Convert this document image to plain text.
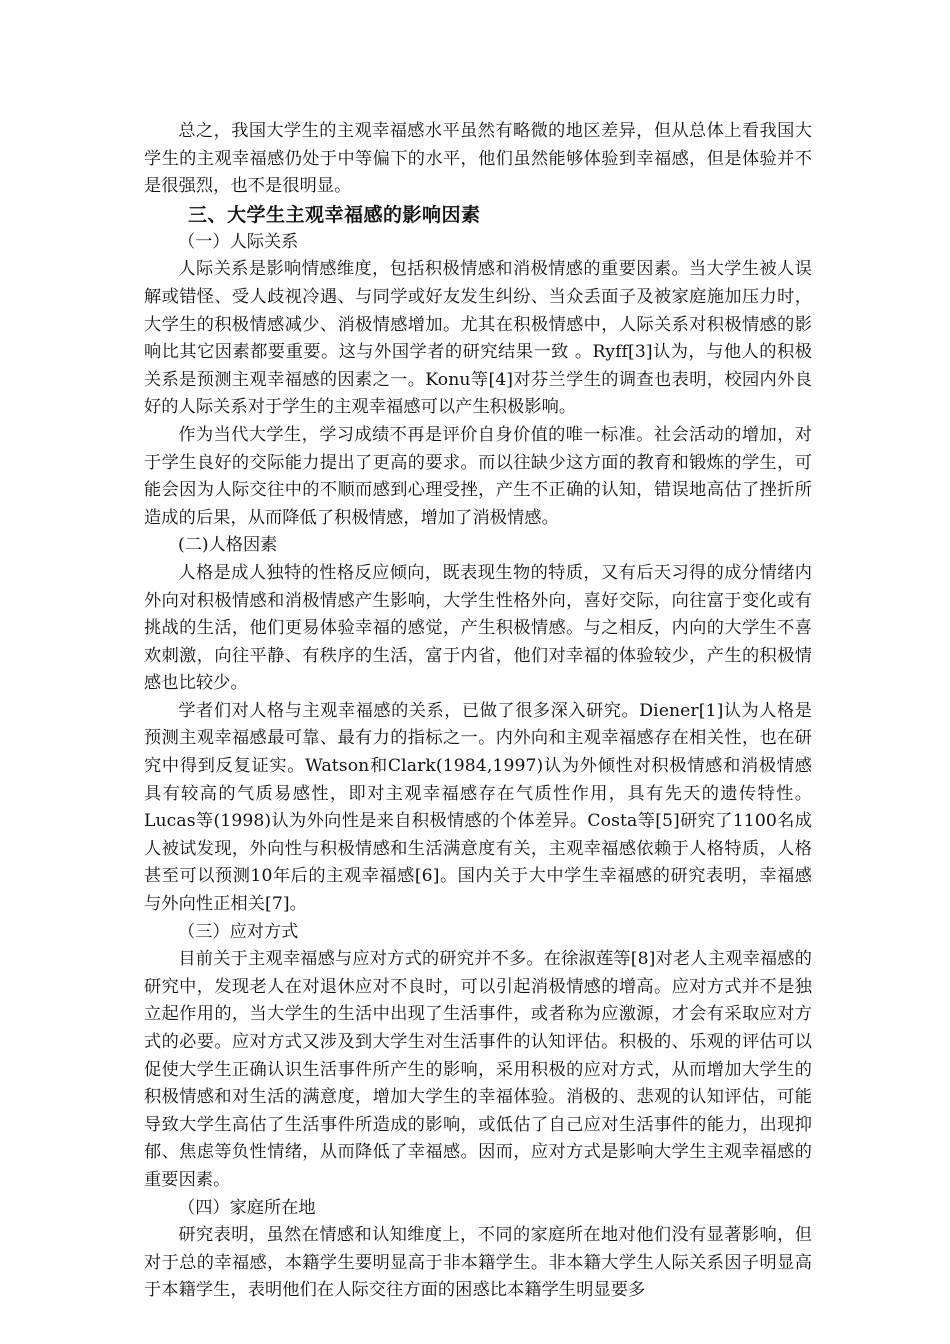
总之，我国大学生的主观幸福感水平虽然有略微的地区差异，但从总体上看我国大学生的主观幸福感仍处于中等偏下的水平，他们虽然能够体验到幸福感，但是体验并不是很强烈，也不是很明显。

三、大学生主观幸福感的影响因素

（一）人际关系

人际关系是影响情感维度，包括积极情感和消极情感的重要因素。当大学生被人误解或错怪、受人歧视冷遇、与同学或好友发生纠纷、当众丢面子及被家庭施加压力时，大学生的积极情感减少、消极情感增加。尤其在积极情感中，人际关系对积极情感的影响比其它因素都要重要。这与外国学者的研究结果一致 。Ryff[3]认为，与他人的积极关系是预测主观幸福感的因素之一。Konu等[4]对芬兰学生的调查也表明，校园内外良好的人际关系对于学生的主观幸福感可以产生积极影响。

作为当代大学生，学习成绩不再是评价自身价值的唯一标准。社会活动的增加，对于学生良好的交际能力提出了更高的要求。而以往缺少这方面的教育和锻炼的学生，可能会因为人际交往中的不顺而感到心理受挫，产生不正确的认知，错误地高估了挫折所造成的后果，从而降低了积极情感，增加了消极情感。

(二)人格因素

人格是成人独特的性格反应倾向，既表现生物的特质，又有后天习得的成分情绪内外向对积极情感和消极情感产生影响，大学生性格外向，喜好交际，向往富于变化或有挑战的生活，他们更易体验幸福的感觉，产生积极情感。与之相反，内向的大学生不喜欢刺激，向往平静、有秩序的生活，富于内省，他们对幸福的体验较少，产生的积极情感也比较少。

学者们对人格与主观幸福感的关系，已做了很多深入研究。Diener[1]认为人格是预测主观幸福感最可靠、最有力的指标之一。内外向和主观幸福感存在相关性，也在研究中得到反复证实。Watson和Clark(1984,1997)认为外倾性对积极情感和消极情感具有较高的气质易感性，即对主观幸福感存在气质性作用，具有先天的遗传特性。Lucas等(1998)认为外向性是来自积极情感的个体差异。Costa等[5]研究了1100名成人被试发现，外向性与积极情感和生活满意度有关，主观幸福感依赖于人格特质，人格甚至可以预测10年后的主观幸福感[6]。国内关于大中学生幸福感的研究表明，幸福感与外向性正相关[7]。

（三）应对方式

目前关于主观幸福感与应对方式的研究并不多。在徐淑莲等[8]对老人主观幸福感的研究中，发现老人在对退休应对不良时，可以引起消极情感的增高。应对方式并不是独立起作用的，当大学生的生活中出现了生活事件，或者称为应激源，才会有采取应对方式的必要。应对方式又涉及到大学生对生活事件的认知评估。积极的、乐观的评估可以促使大学生正确认识生活事件所产生的影响，采用积极的应对方式，从而增加大学生的积极情感和对生活的满意度，增加大学生的幸福体验。消极的、悲观的认知评估，可能导致大学生高估了生活事件所造成的影响，或低估了自己应对生活事件的能力，出现抑郁、焦虑等负性情绪，从而降低了幸福感。因而，应对方式是影响大学生主观幸福感的重要因素。

（四）家庭所在地

研究表明，虽然在情感和认知维度上，不同的家庭所在地对他们没有显著影响，但对于总的幸福感，本籍学生要明显高于非本籍学生。非本籍大学生人际关系因子明显高于本籍学生，表明他们在人际交往方面的困惑比本籍学生明显要多
